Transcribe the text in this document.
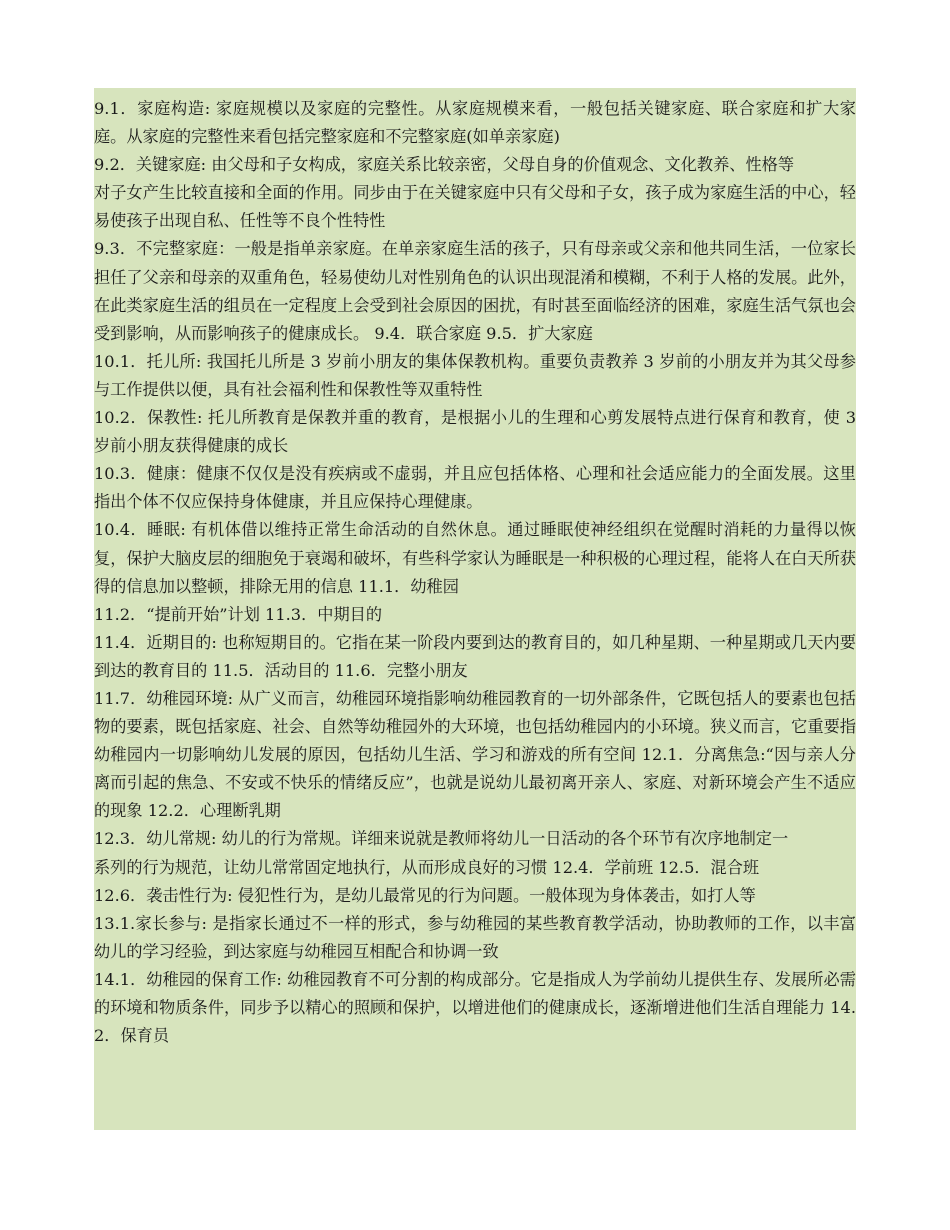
9.1．家庭构造: 家庭规模以及家庭的完整性。从家庭规模来看，一般包括关键家庭、联合家庭和扩大家庭。从家庭的完整性来看包括完整家庭和不完整家庭(如单亲家庭)

9.2．关键家庭: 由父母和子女构成，家庭关系比较亲密，父母自身的价值观念、文化教养、性格等

对子女产生比较直接和全面的作用。同步由于在关键家庭中只有父母和子女，孩子成为家庭生活的中心，轻易使孩子出现自私、任性等不良个性特性

9.3．不完整家庭：一般是指单亲家庭。在单亲家庭生活的孩子，只有母亲或父亲和他共同生活，一位家长担任了父亲和母亲的双重角色，轻易使幼儿对性别角色的认识出现混淆和模糊，不利于人格的发展。此外，在此类家庭生活的组员在一定程度上会受到社会原因的困扰，有时甚至面临经济的困难，家庭生活气氛也会受到影响，从而影响孩子的健康成长。 9.4．联合家庭 9.5．扩大家庭

10.1．托儿所: 我国托儿所是 3 岁前小朋友的集体保教机构。重要负责教养 3 岁前的小朋友并为其父母参与工作提供以便，具有社会福利性和保教性等双重特性

10.2．保教性: 托儿所教育是保教并重的教育，是根据小儿的生理和心剪发展特点进行保育和教育，使 3 岁前小朋友获得健康的成长

10.3．健康：健康不仅仅是没有疾病或不虚弱，并且应包括体格、心理和社会适应能力的全面发展。这里指出个体不仅应保持身体健康，并且应保持心理健康。

10.4．睡眠: 有机体借以维持正常生命活动的自然休息。通过睡眠使神经组织在觉醒时消耗的力量得以恢复，保护大脑皮层的细胞免于衰竭和破坏，有些科学家认为睡眠是一种积极的心理过程，能将人在白天所获得的信息加以整顿，排除无用的信息 11.1．幼稚园

11.2．“提前开始”计划 11.3．中期目的

11.4．近期目的: 也称短期目的。它指在某一阶段内要到达的教育目的，如几种星期、一种星期或几天内要到达的教育目的 11.5．活动目的 11.6．完整小朋友

11.7．幼稚园环境: 从广义而言，幼稚园环境指影响幼稚园教育的一切外部条件，它既包括人的要素也包括物的要素，既包括家庭、社会、自然等幼稚园外的大环境，也包括幼稚园内的小环境。狭义而言，它重要指幼稚园内一切影响幼儿发展的原因，包括幼儿生活、学习和游戏的所有空间 12.1．分离焦急:“因与亲人分离而引起的焦急、不安或不快乐的情绪反应”，也就是说幼儿最初离开亲人、家庭、对新环境会产生不适应的现象 12.2．心理断乳期

12.3．幼儿常规: 幼儿的行为常规。详细来说就是教师将幼儿一日活动的各个环节有次序地制定一

系列的行为规范，让幼儿常常固定地执行，从而形成良好的习惯 12.4．学前班 12.5．混合班

12.6．袭击性行为: 侵犯性行为，是幼儿最常见的行为问题。一般体现为身体袭击，如打人等

13.1.家长参与: 是指家长通过不一样的形式，参与幼稚园的某些教育教学活动，协助教师的工作，以丰富幼儿的学习经验，到达家庭与幼稚园互相配合和协调一致

14.1．幼稚园的保育工作: 幼稚园教育不可分割的构成部分。它是指成人为学前幼儿提供生存、发展所必需的环境和物质条件，同步予以精心的照顾和保护，以增进他们的健康成长，逐渐增进他们生活自理能力 14.2．保育员
